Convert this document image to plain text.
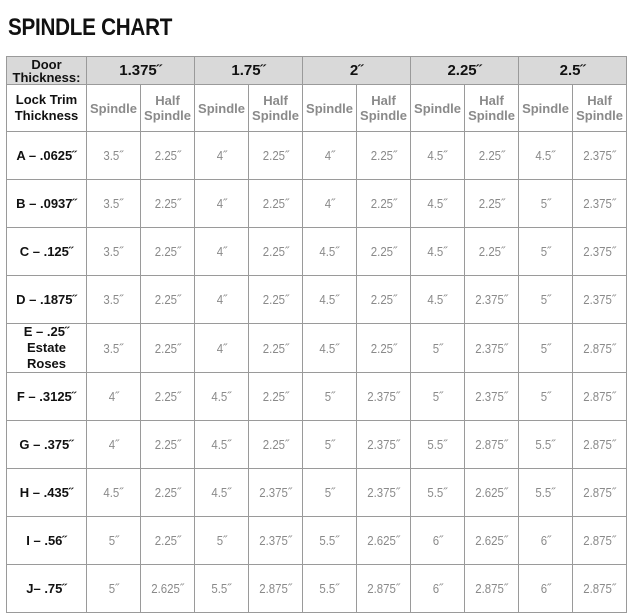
SPINDLE CHART
Door Thickness:	1.375˝		1.75˝		2˝		2.25˝		2.5˝	
Lock Trim Thickness	Spindle	Half Spindle	Spindle	Half Spindle	Spindle	Half Spindle	Spindle	Half Spindle	Spindle	Half Spindle

A – .0625˝	3.5˝	2.25˝	4˝	2.25˝	4˝	2.25˝	4.5˝	2.25˝	4.5˝	2.375˝

B – .0937˝	3.5˝	2.25˝	4˝	2.25˝	4˝	2.25˝	4.5˝	2.25˝	5˝	2.375˝

C – .125˝	3.5˝	2.25˝	4˝	2.25˝	4.5˝	2.25˝	4.5˝	2.25˝	5˝	2.375˝

D – .1875˝	3.5˝	2.25˝	4˝	2.25˝	4.5˝	2.25˝	4.5˝	2.375˝	5˝	2.375˝

E – .25˝
Estate Roses	3.5˝	2.25˝	4˝	2.25˝	4.5˝	2.25˝	5˝	2.375˝	5˝	2.875˝

F – .3125˝	4˝	2.25˝	4.5˝	2.25˝	5˝	2.375˝	5˝	2.375˝	5˝	2.875˝

G – .375˝	4˝	2.25˝	4.5˝	2.25˝	5˝	2.375˝	5.5˝	2.875˝	5.5˝	2.875˝

H – .435˝	4.5˝	2.25˝	4.5˝	2.375˝	5˝	2.375˝	5.5˝	2.625˝	5.5˝	2.875˝

I – .56˝	5˝	2.25˝	5˝	2.375˝	5.5˝	2.625˝	6˝	2.625˝	6˝	2.875˝

J– .75˝	5˝	2.625˝	5.5˝	2.875˝	5.5˝	2.875˝	6˝	2.875˝	6˝	2.875˝
